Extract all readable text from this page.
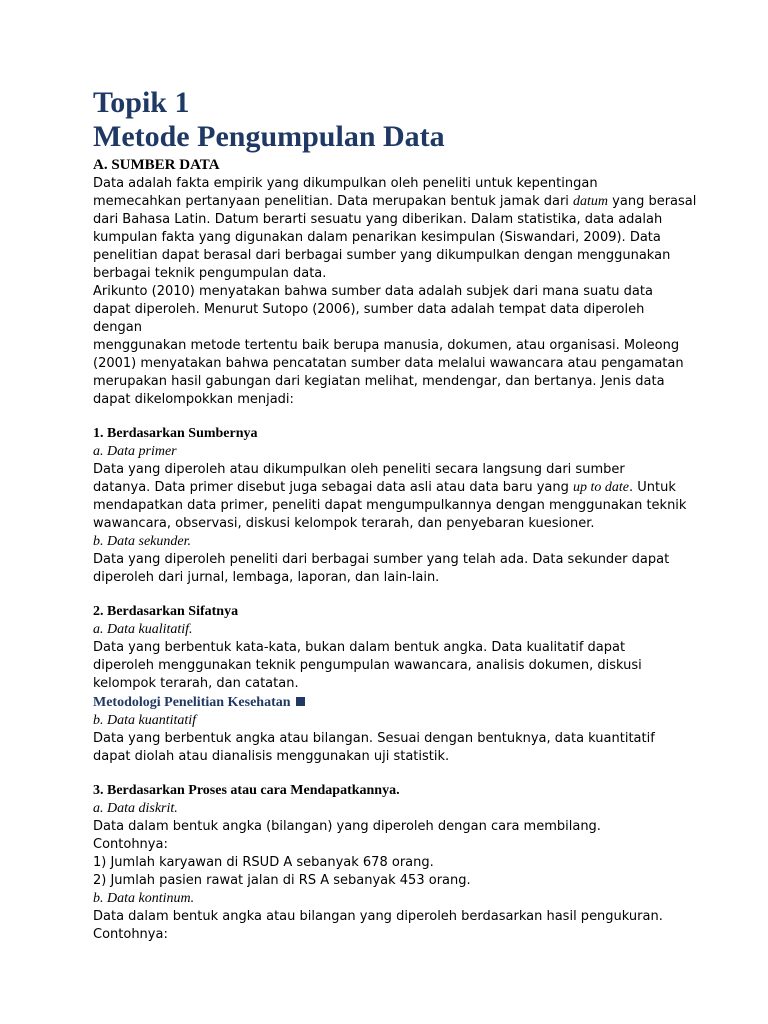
Topik 1
Metode Pengumpulan Data
A. SUMBER DATA

Data adalah fakta empirik yang dikumpulkan oleh peneliti untuk kepentingan
memecahkan pertanyaan penelitian. Data merupakan bentuk jamak dari datum yang berasal
dari Bahasa Latin. Datum berarti sesuatu yang diberikan. Dalam statistika, data adalah
kumpulan fakta yang digunakan dalam penarikan kesimpulan (Siswandari, 2009). Data
penelitian dapat berasal dari berbagai sumber yang dikumpulkan dengan menggunakan
berbagai teknik pengumpulan data.
Arikunto (2010) menyatakan bahwa sumber data adalah subjek dari mana suatu data
dapat diperoleh. Menurut Sutopo (2006), sumber data adalah tempat data diperoleh
dengan
menggunakan metode tertentu baik berupa manusia, dokumen, atau organisasi. Moleong
(2001) menyatakan bahwa pencatatan sumber data melalui wawancara atau pengamatan
merupakan hasil gabungan dari kegiatan melihat, mendengar, dan bertanya. Jenis data
dapat dikelompokkan menjadi:

1. Berdasarkan Sumbernya

a. Data primer

Data yang diperoleh atau dikumpulkan oleh peneliti secara langsung dari sumber
datanya. Data primer disebut juga sebagai data asli atau data baru yang up to date. Untuk
mendapatkan data primer, peneliti dapat mengumpulkannya dengan menggunakan teknik
wawancara, observasi, diskusi kelompok terarah, dan penyebaran kuesioner.

b. Data sekunder.

Data yang diperoleh peneliti dari berbagai sumber yang telah ada. Data sekunder dapat
diperoleh dari jurnal, lembaga, laporan, dan lain-lain.

2. Berdasarkan Sifatnya

a. Data kualitatif.

Data yang berbentuk kata-kata, bukan dalam bentuk angka. Data kualitatif dapat
diperoleh menggunakan teknik pengumpulan wawancara, analisis dokumen, diskusi
kelompok terarah, dan catatan.

Metodologi Penelitian Kesehatan

b. Data kuantitatif

Data yang berbentuk angka atau bilangan. Sesuai dengan bentuknya, data kuantitatif
dapat diolah atau dianalisis menggunakan uji statistik.

3. Berdasarkan Proses atau cara Mendapatkannya.

a. Data diskrit.

Data dalam bentuk angka (bilangan) yang diperoleh dengan cara membilang.
Contohnya:
1) Jumlah karyawan di RSUD A sebanyak 678 orang.
2) Jumlah pasien rawat jalan di RS A sebanyak 453 orang.

b. Data kontinum.

Data dalam bentuk angka atau bilangan yang diperoleh berdasarkan hasil pengukuran.
Contohnya:
